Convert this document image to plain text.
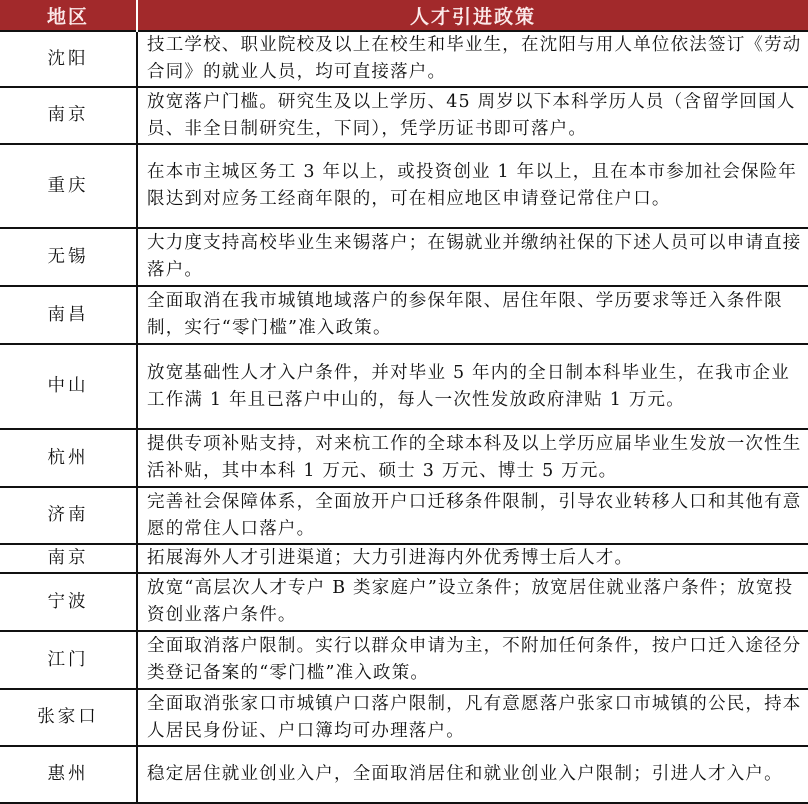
地区	人才引进政策
沈阳	技工学校、职业院校及以上在校生和毕业生，在沈阳与用人单位依法签订《劳动合同》的就业人员，均可直接落户。
南京	放宽落户门槛。研究生及以上学历、45 周岁以下本科学历人员（含留学回国人员、非全日制研究生，下同），凭学历证书即可落户。
重庆	在本市主城区务工 3 年以上，或投资创业 1 年以上，且在本市参加社会保险年限达到对应务工经商年限的，可在相应地区申请登记常住户口。
无锡	大力度支持高校毕业生来锡落户；在锡就业并缴纳社保的下述人员可以申请直接落户。
南昌	全面取消在我市城镇地域落户的参保年限、居住年限、学历要求等迁入条件限制，实行“零门槛”准入政策。
中山	放宽基础性人才入户条件，并对毕业 5 年内的全日制本科毕业生，在我市企业工作满 1 年且已落户中山的，每人一次性发放政府津贴 1 万元。
杭州	提供专项补贴支持，对来杭工作的全球本科及以上学历应届毕业生发放一次性生活补贴，其中本科 1 万元、硕士 3 万元、博士 5 万元。
济南	完善社会保障体系，全面放开户口迁移条件限制，引导农业转移人口和其他有意愿的常住人口落户。
南京	拓展海外人才引进渠道；大力引进海内外优秀博士后人才。
宁波	放宽“高层次人才专户 B 类家庭户”设立条件；放宽居住就业落户条件；放宽投资创业落户条件。
江门	全面取消落户限制。实行以群众申请为主，不附加任何条件，按户口迁入途径分类登记备案的“零门槛”准入政策。
张家口	全面取消张家口市城镇户口落户限制，凡有意愿落户张家口市城镇的公民，持本人居民身份证、户口簿均可办理落户。
惠州	稳定居住就业创业入户，全面取消居住和就业创业入户限制；引进人才入户。
